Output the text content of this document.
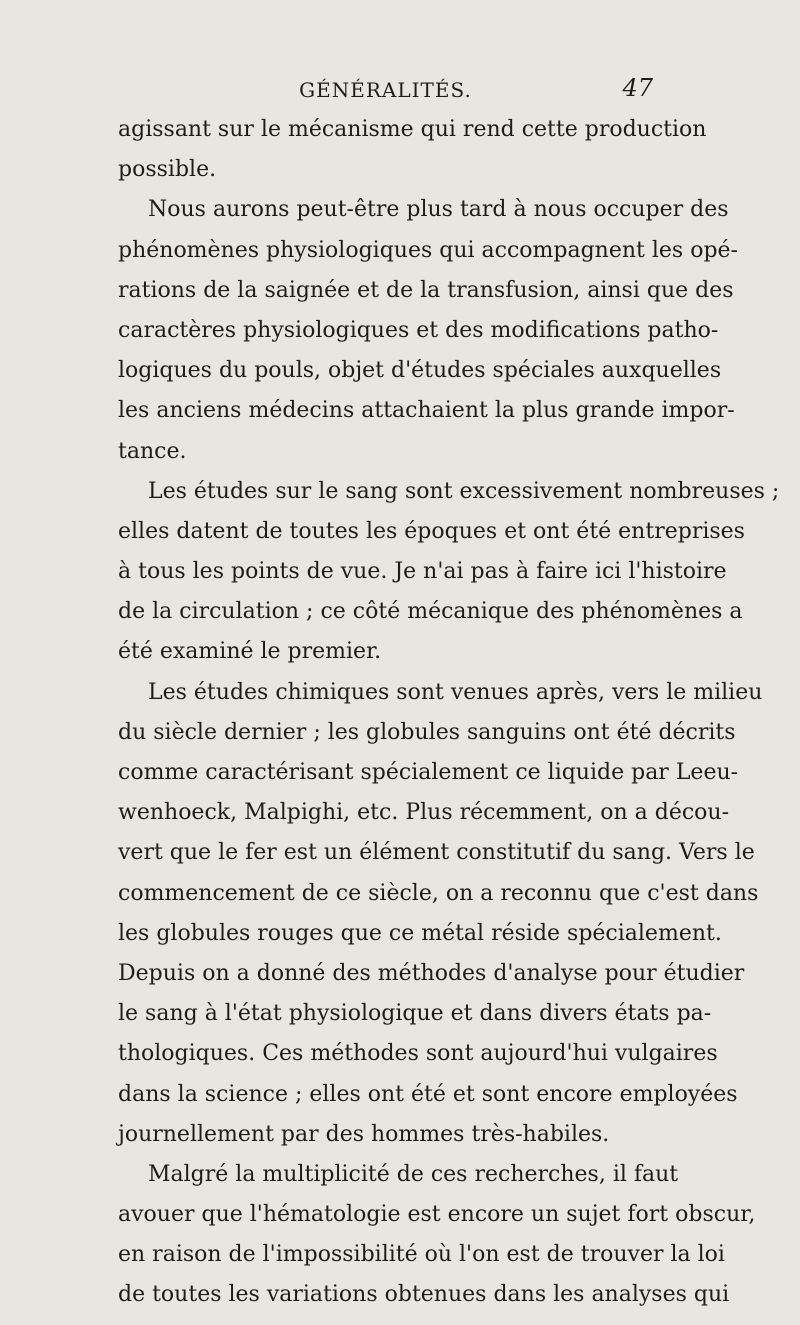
GÉNÉRALITÉS.	47
agissant sur le mécanisme qui rend cette production
possible.
Nous aurons peut-être plus tard à nous occuper des
phénomènes physiologiques qui accompagnent les opé-
rations de la saignée et de la transfusion, ainsi que des
caractères physiologiques et des modifications patho-
logiques du pouls, objet d'études spéciales auxquelles
les anciens médecins attachaient la plus grande impor-
tance.
Les études sur le sang sont excessivement nombreuses ;
elles datent de toutes les époques et ont été entreprises
à tous les points de vue. Je n'ai pas à faire ici l'histoire
de la circulation ; ce côté mécanique des phénomènes a
été examiné le premier.
Les études chimiques sont venues après, vers le milieu
du siècle dernier ; les globules sanguins ont été décrits
comme caractérisant spécialement ce liquide par Leeu-
wenhoeck, Malpighi, etc. Plus récemment, on a décou-
vert que le fer est un élément constitutif du sang. Vers le
commencement de ce siècle, on a reconnu que c'est dans
les globules rouges que ce métal réside spécialement.
Depuis on a donné des méthodes d'analyse pour étudier
le sang à l'état physiologique et dans divers états pa-
thologiques. Ces méthodes sont aujourd'hui vulgaires
dans la science ; elles ont été et sont encore employées
journellement par des hommes très-habiles.
Malgré la multiplicité de ces recherches, il faut
avouer que l'hématologie est encore un sujet fort obscur,
en raison de l'impossibilité où l'on est de trouver la loi
de toutes les variations obtenues dans les analyses qui
